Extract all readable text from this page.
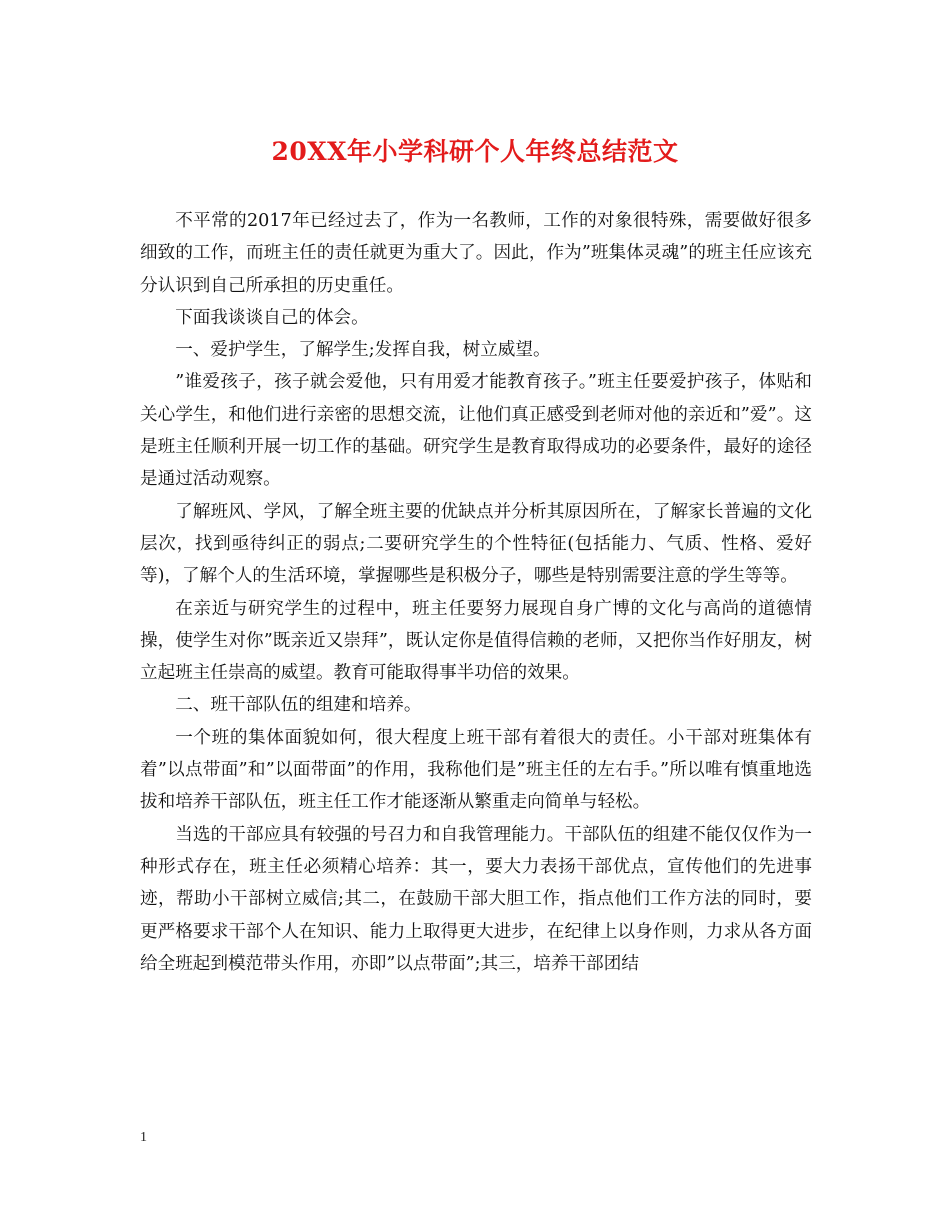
20XX年小学科研个人年终总结范文

不平常的2017年已经过去了，作为一名教师，工作的对象很特殊，需要做好很多细致的工作，而班主任的责任就更为重大了。因此，作为”班集体灵魂”的班主任应该充分认识到自己所承担的历史重任。

下面我谈谈自己的体会。

一、爱护学生，了解学生;发挥自我，树立威望。

”谁爱孩子，孩子就会爱他，只有用爱才能教育孩子。”班主任要爱护孩子，体贴和关心学生，和他们进行亲密的思想交流，让他们真正感受到老师对他的亲近和”爱”。这是班主任顺利开展一切工作的基础。研究学生是教育取得成功的必要条件，最好的途径是通过活动观察。

了解班风、学风，了解全班主要的优缺点并分析其原因所在，了解家长普遍的文化层次，找到亟待纠正的弱点;二要研究学生的个性特征(包括能力、气质、性格、爱好等)，了解个人的生活环境，掌握哪些是积极分子，哪些是特别需要注意的学生等等。

在亲近与研究学生的过程中，班主任要努力展现自身广博的文化与高尚的道德情操，使学生对你”既亲近又崇拜”，既认定你是值得信赖的老师，又把你当作好朋友，树立起班主任崇高的威望。教育可能取得事半功倍的效果。

二、班干部队伍的组建和培养。

一个班的集体面貌如何，很大程度上班干部有着很大的责任。小干部对班集体有着”以点带面”和”以面带面”的作用，我称他们是”班主任的左右手。”所以唯有慎重地选拔和培养干部队伍，班主任工作才能逐渐从繁重走向简单与轻松。

当选的干部应具有较强的号召力和自我管理能力。干部队伍的组建不能仅仅作为一种形式存在，班主任必须精心培养：其一，要大力表扬干部优点，宣传他们的先进事迹，帮助小干部树立威信;其二，在鼓励干部大胆工作，指点他们工作方法的同时，要更严格要求干部个人在知识、能力上取得更大进步，在纪律上以身作则，力求从各方面给全班起到模范带头作用，亦即”以点带面”;其三，培养干部团结

1
